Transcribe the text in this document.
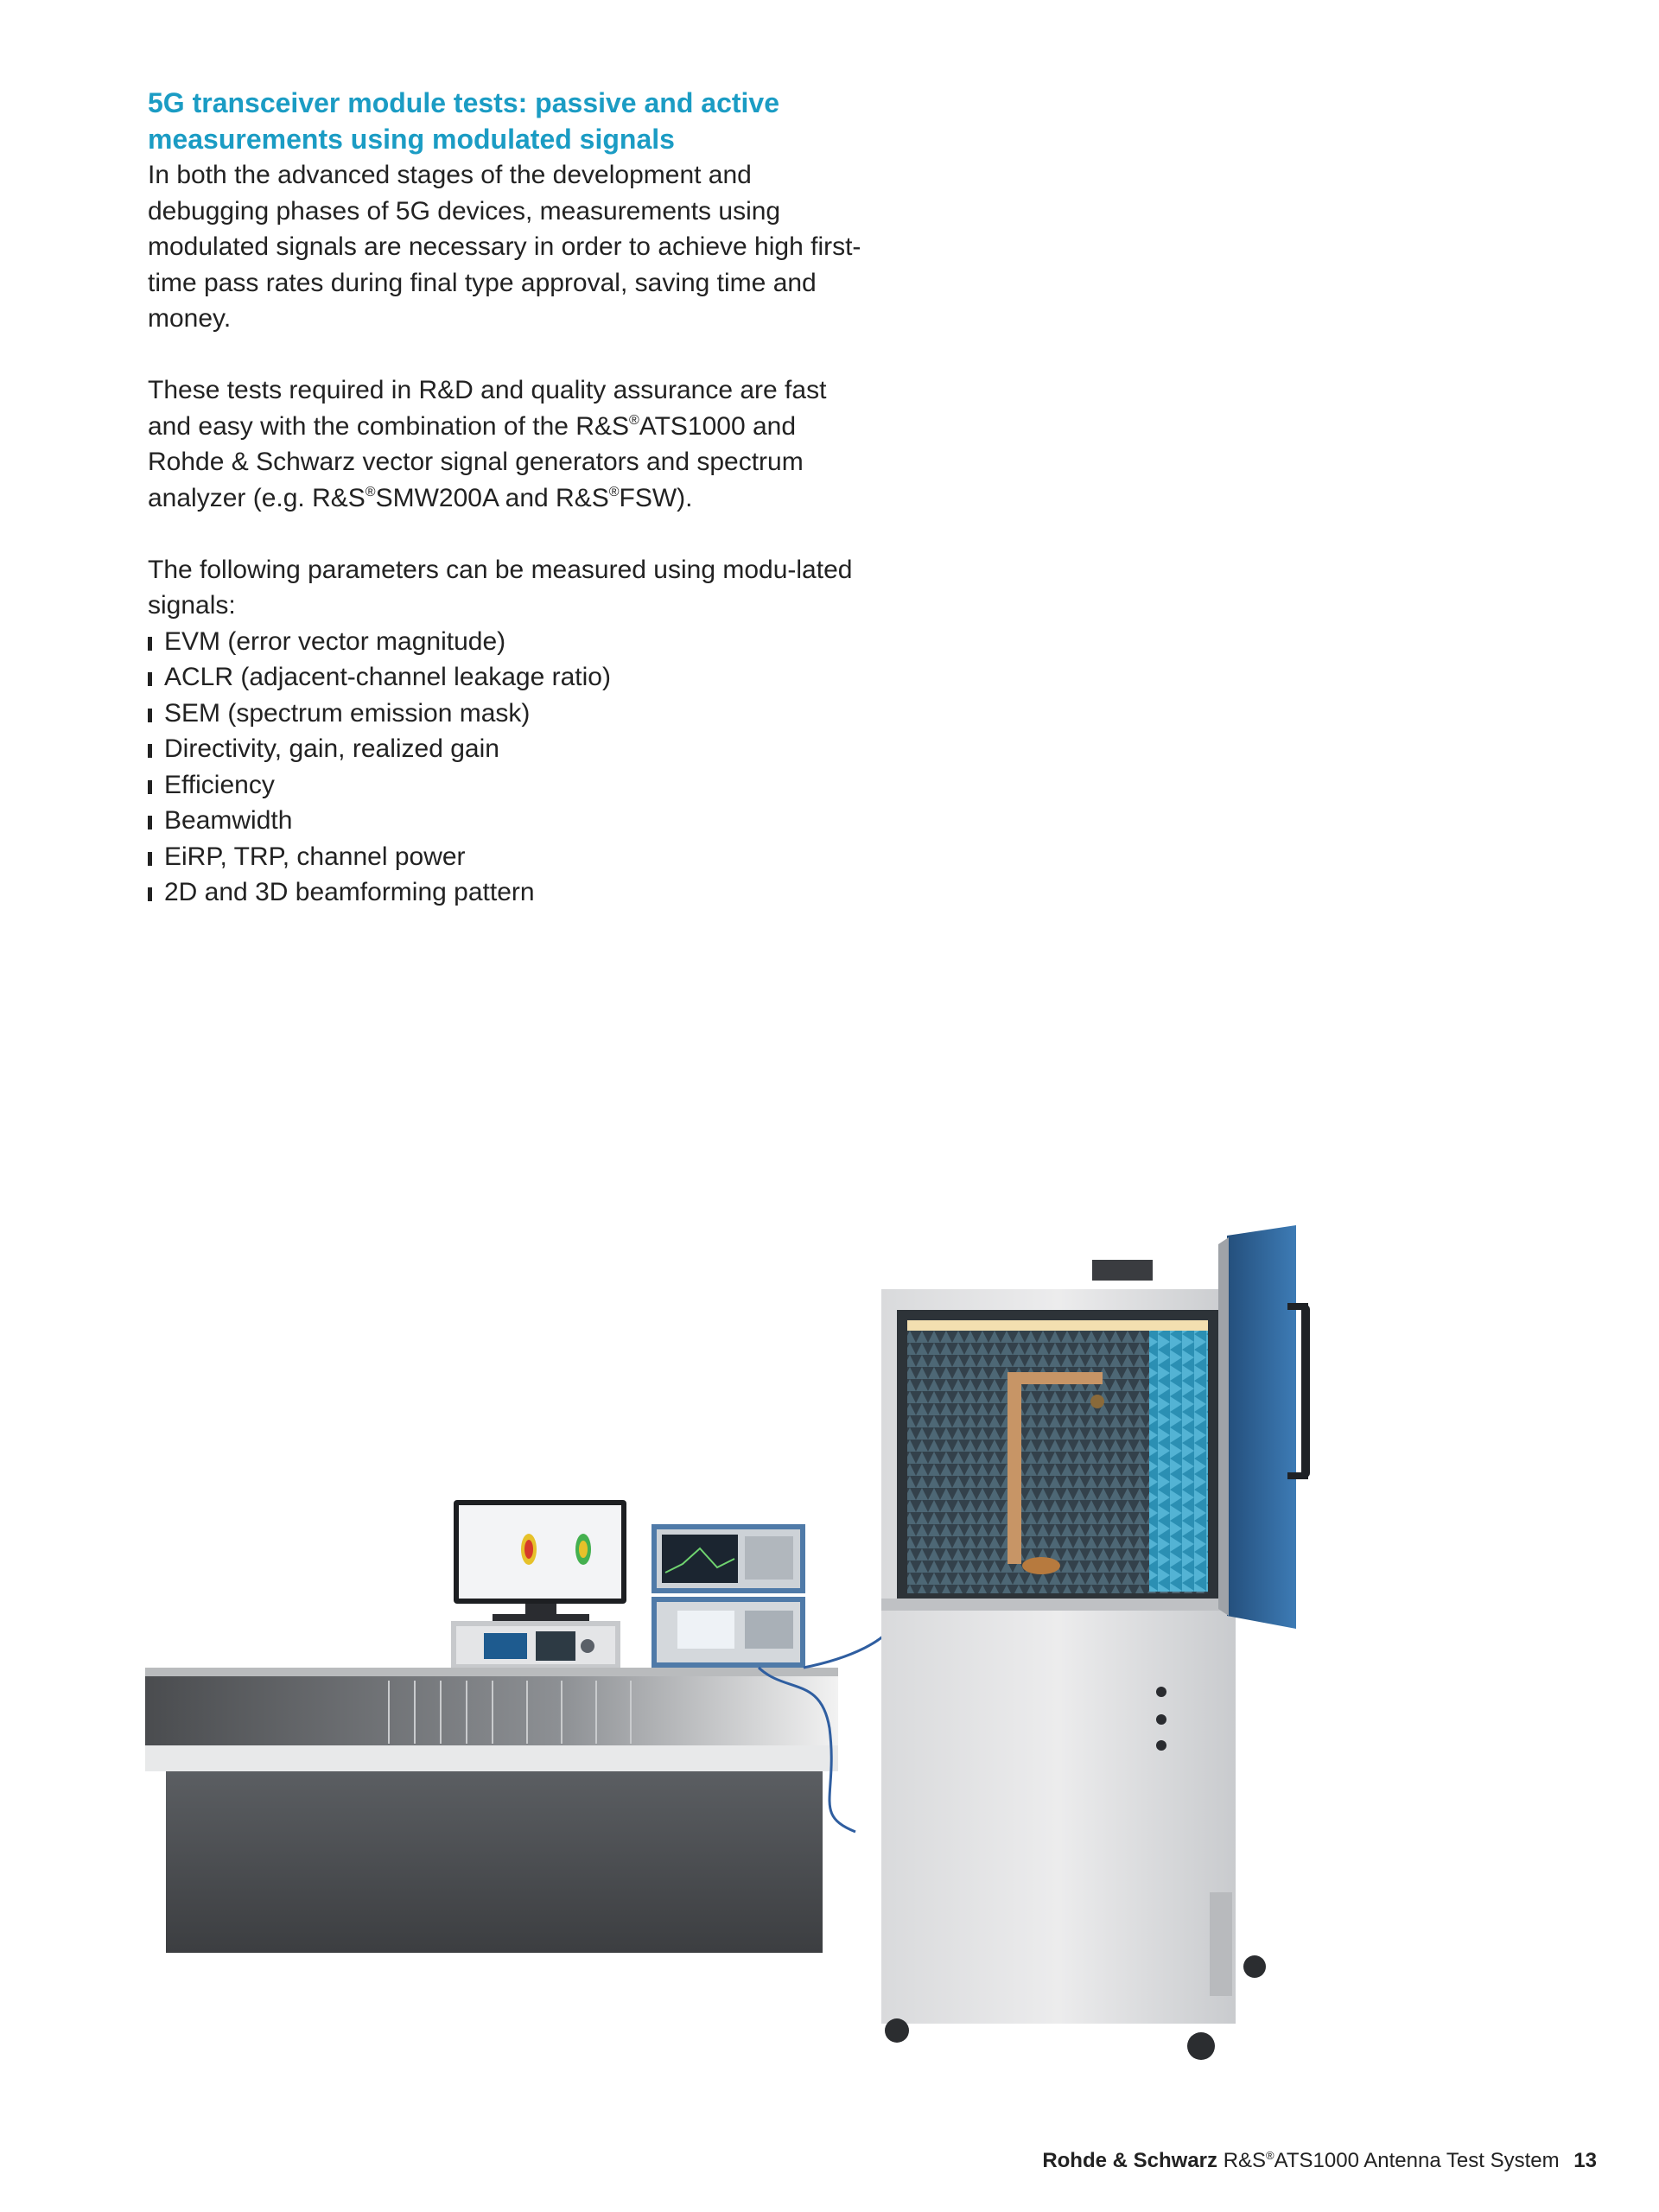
5G transceiver module tests: passive and active
measurements using modulated signals

In both the advanced stages of the development and debugging phases of 5G devices, measurements using modulated signals are necessary in order to achieve high first-time pass rates during final type approval, saving time and money.

These tests required in R&D and quality assurance are fast and easy with the combination of the R&S®ATS1000 and Rohde & Schwarz vector signal generators and spectrum analyzer (e.g. R&S®SMW200A and R&S®FSW).

The following parameters can be measured using modu-lated signals:

EVM (error vector magnitude)
ACLR (adjacent-channel leakage ratio)
SEM (spectrum emission mask)
Directivity, gain, realized gain
Efficiency
Beamwidth
EiRP, TRP, channel power
2D and 3D beamforming pattern
Rohde & Schwarz R&S®ATS1000 Antenna Test System 13
